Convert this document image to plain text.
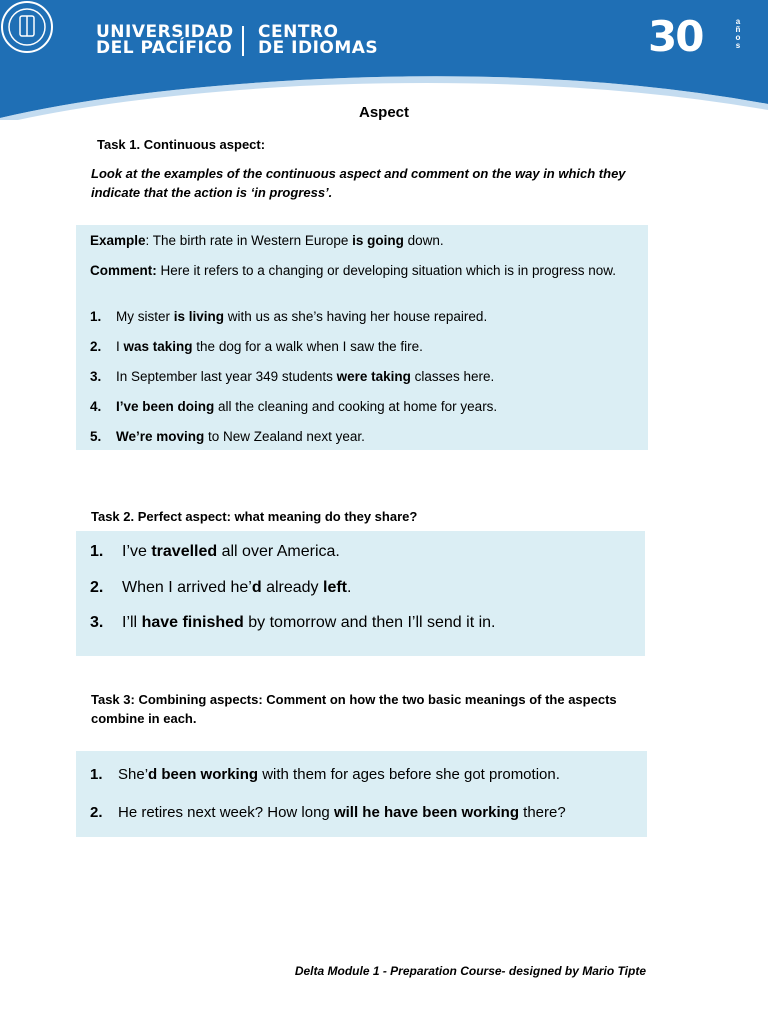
UNIVERSIDAD
DEL PACÍFICO
CENTRO
DE IDIOMAS	30	años
Aspect
Task 1. Continuous aspect:
Look at the examples of the continuous aspect and comment on the way in which they indicate that the action is ‘in progress’.
Example: The birth rate in Western Europe is going down.
Comment: Here it refers to a changing or developing situation which is in progress now.
1. My sister is living with us as she’s having her house repaired.
2. I was taking the dog for a walk when I saw the fire.
3. In September last year 349 students were taking classes here.
4. I’ve been doing all the cleaning and cooking at home for years.
5. We’re moving to New Zealand next year.
Task 2. Perfect aspect: what meaning do they share?
1. I’ve travelled all over America.
2. When I arrived he’d already left.
3. I’ll have finished by tomorrow and then I’ll send it in.
Task 3: Combining aspects: Comment on how the two basic meanings of the aspects
combine in each.
1. She’d been working with them for ages before she got promotion.
2. He retires next week? How long will he have been working there?
Delta Module 1 - Preparation Course- designed by Mario Tipte
